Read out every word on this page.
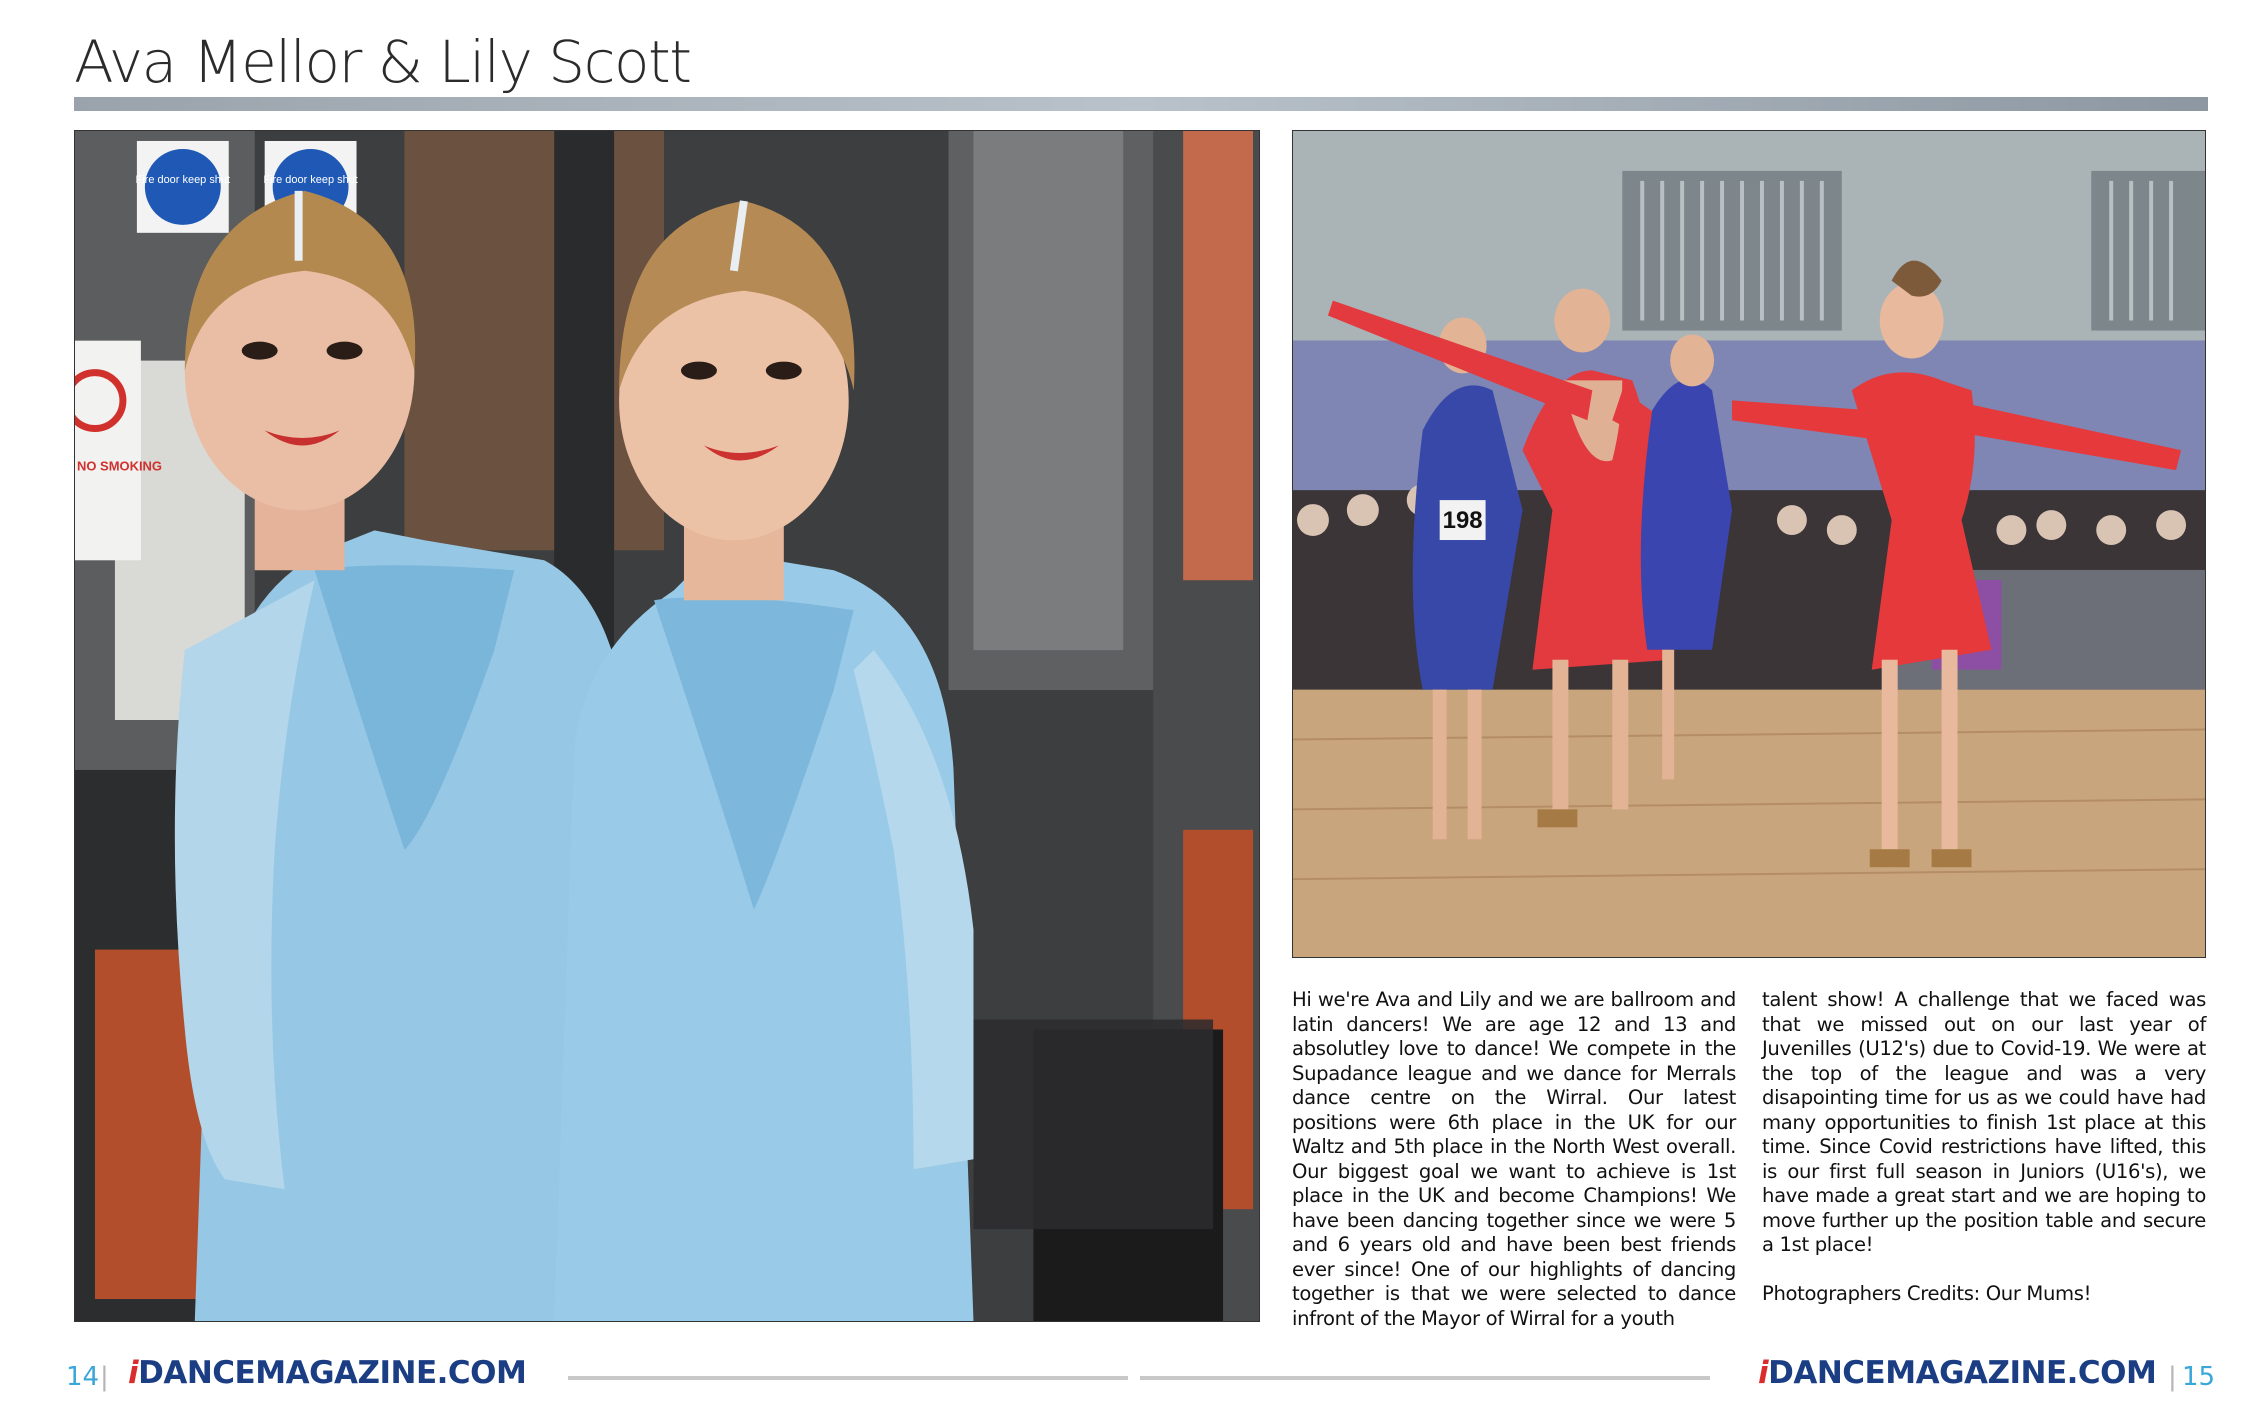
Ava Mellor & Lily Scott
Fire door keep shut	Fire door keep shut
NO SMOKING
198

Hi we're Ava and Lily and we are ballroom and latin dancers! We are age 12 and 13 and absolutley love to dance! We compete in the Supadance league and we dance for Merrals dance centre on the Wirral. Our latest positions were 6th place in the UK for our Waltz and 5th place in the North West overall. Our biggest goal we want to achieve is 1st place in the UK and become Champions! We have been dancing together since we were 5 and 6 years old and have been best friends ever since! One of our highlights of dancing together is that we were selected to dance infront of the Mayor of Wirral for a youth

talent show! A challenge that we faced was that we missed out on our last year of Juvenilles (U12's) due to Covid-19. We were at the top of the league and was a very disapointing time for us as we could have had many opportunities to finish 1st place at this time. Since Covid restrictions have lifted, this is our first full season in Juniors (U16's), we have made a great start and we are hoping to move further up the position table and secure a 1st place!

Photographers Credits: Our Mums!

14 | iDANCEMAGAZINE.COM	iDANCEMAGAZINE.COM | 15
